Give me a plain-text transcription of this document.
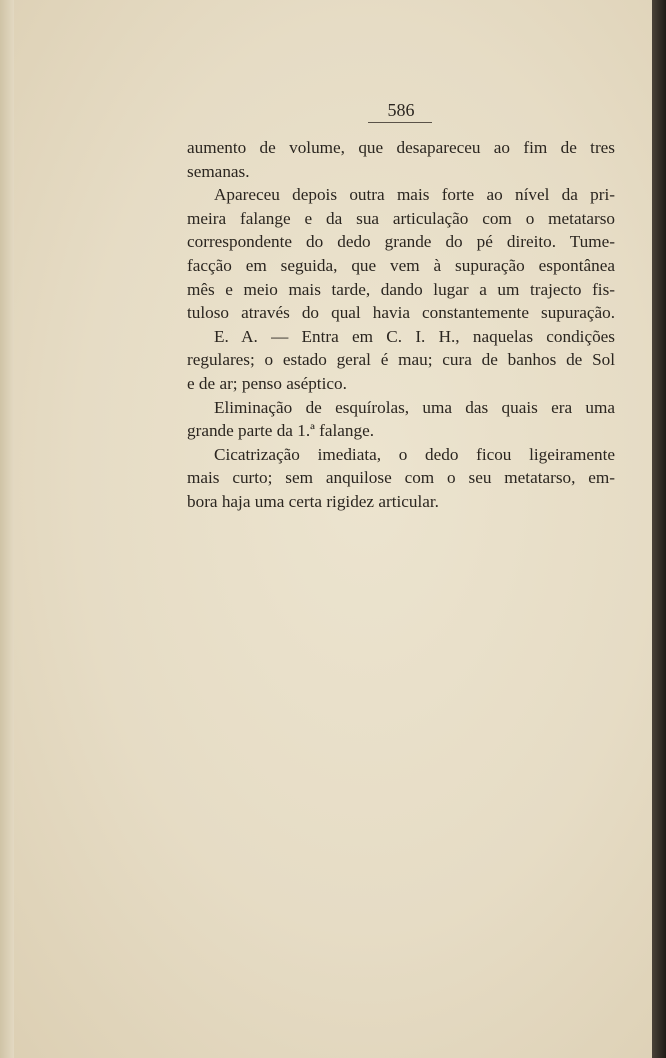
586
aumento de volume, que desapareceu ao fim de tres
semanas.
Apareceu depois outra mais forte ao nível da pri-
meira falange e da sua articulação com o metatarso
correspondente do dedo grande do pé direito. Tume-
facção em seguida, que vem à supuração espontânea
mês e meio mais tarde, dando lugar a um trajecto fis-
tuloso através do qual havia constantemente supuração.
E. A. — Entra em C. I. H., naquelas condições
regulares; o estado geral é mau; cura de banhos de Sol
e de ar; penso aséptico.
Eliminação de esquírolas, uma das quais era uma
grande parte da 1.ª falange.
Cicatrização imediata, o dedo ficou ligeiramente
mais curto; sem anquilose com o seu metatarso, em-
bora haja uma certa rigidez articular.
